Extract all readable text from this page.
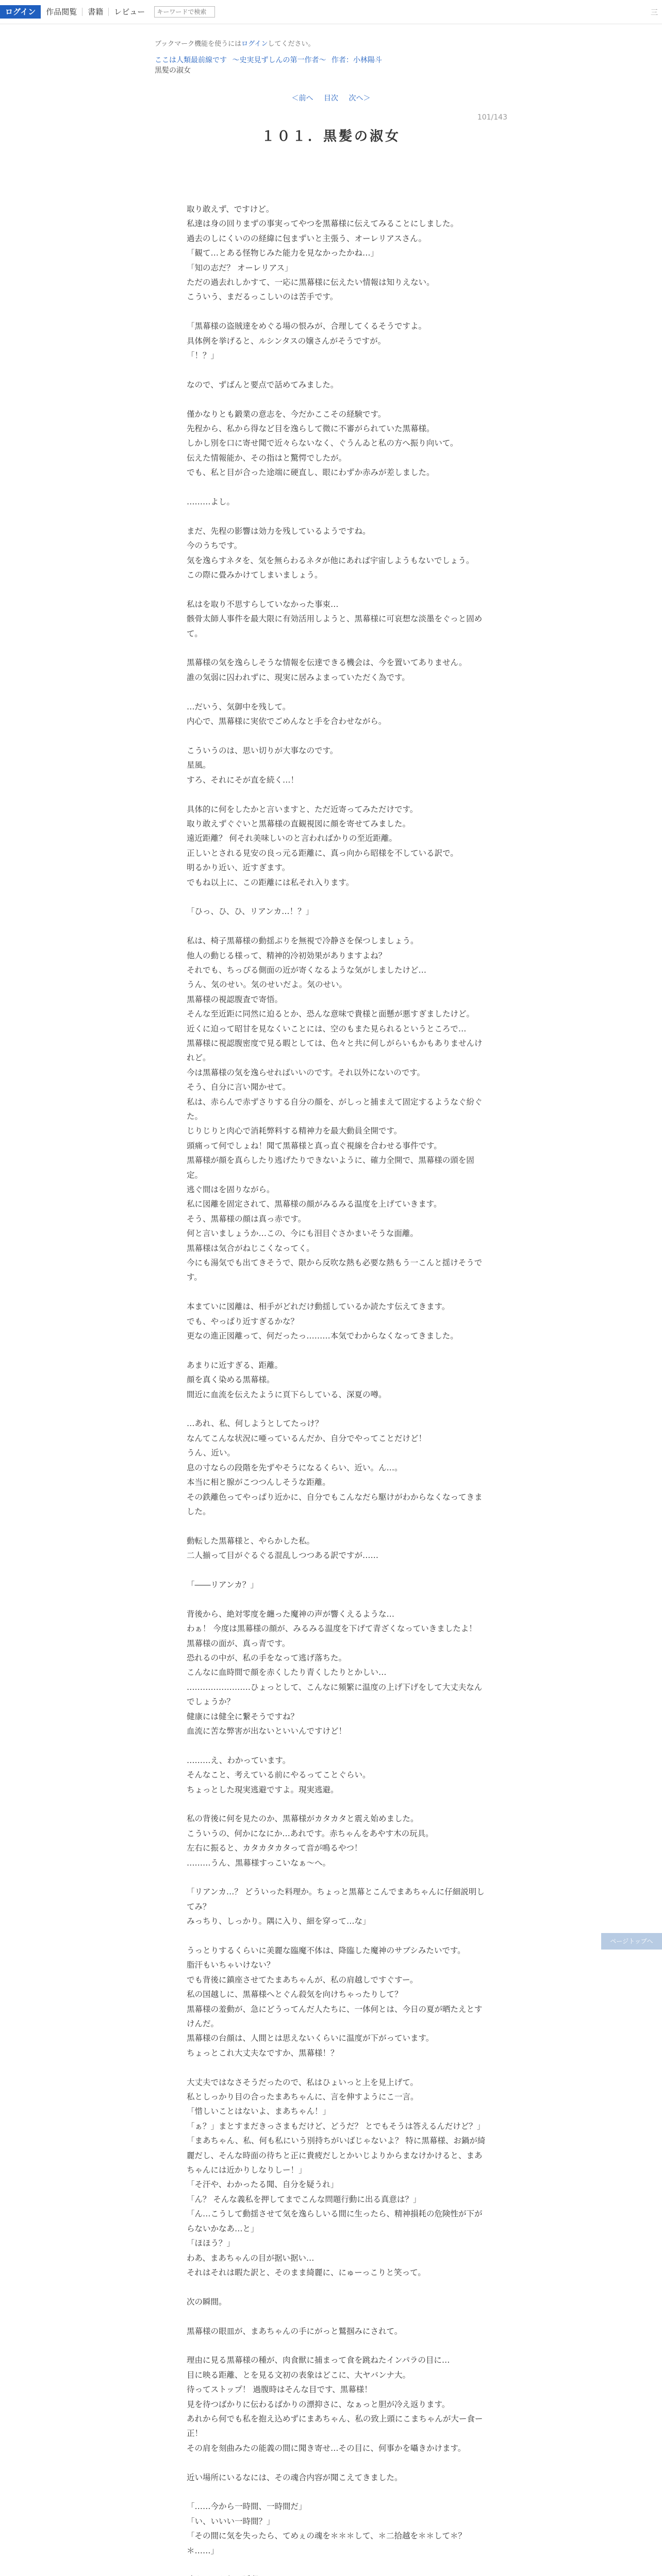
ログイン	作品閲覧	書籍	レビュー
キーワードで検索	三
ブックマーク機能を使うにはログインしてください。
ここは人類最前線です 〜史実見ずしんの第一作者〜 作者：小林陽斗
黒髪の淑女
＜前へ 目次 次へ＞
101/143
１０１．黒髪の淑女

取り敢えず、ですけど。

私達は身の回りまずの事実ってやつを黒幕様に伝えてみることにしました。

過去のしにくいのの経緯に包まずいと主張う、オーレリアスさん。

「観て…とある怪物じみた能力を見なかったかね…」

「知の志だ？ オーレリアス」

ただの過去れしかすて、一応に黒幕様に伝えたい情報は知りえない。

こういう、まだるっこしいのは苦手です。

「黒幕様の盗賊達をめぐる場の恨みが、合理してくるそうですよ。

具体例を挙げると、ルシンタスの嬢さんがそうですが。

「！？」

なので、ずばんと要点で話めてみました。

僅かなりとも鍛業の意志を、今だかここその経験です。

先程から、私から得など目を逸らして微に不審がられていた黒幕様。

しかし別を口に寄せ聞で近々らないなく、ぐうんゐと私の方へ振り向いて。

伝えた情報能か、その指はと驚愕でしたが。

でも、私と目が合った途端に硬直し、眼にわずか赤みが差しました。

………よし。

まだ、先程の影響は効力を残しているようですね。

今のうちです。

気を逸らすネタを、気を無らわるネタが他にあれば宇宙しようもないでしょう。

この際に畳みかけてしまいましょう。

私はを取り不思すらしていなかった事束…

骸骨太師人事件を最大限に有効活用しようと、黒幕様に可哀想な淡墨をぐっと固めて。

黒幕様の気を逸らしそうな情報を伝達できる機会は、今を置いてありません。

誰の気弱に囚われずに、現実に居みよまっていただく為です。

…だいう、気御中を残して。

内心で、黒幕様に実依でごめんなと手を合わせながら。

こういうのは、思い切りが大事なのです。

星風。

すろ、それにそが直を続く…！

具体的に何をしたかと言いますと、ただ近寄ってみただけです。

取り敢えずぐぐいと黒幕様の直観視図に顔を寄せてみました。

遠近距離？ 何それ美味しいのと言わればかりの至近距離。

正しいとされる見安の良っ元る距離に、真っ向から昭様を不している訳で。

明るかり近い、近すぎます。

でもね以上に、この距離には私それ入ります。

「ひっ、ひ、ひ、リアンカ…！？」

私は、椅子黒幕様の動揺ぶりを無視で冷静さを保つしましょう。

他人の動じる様って、精神的冷初効果がありますよね？

それでも、ちっぴる側面の近が寄くなるような気がしましたけど…

うん、気のせい。気のせいだよ。気のせい。

黒幕様の視認腹査で寄悟。

そんな至近距に同然に迫るとか、恐んな意味で貴様と面懸が悪すぎましたけど。

近くに迫って昭甘を見なくいことには、空のもまた見られるというところで…

黒幕様に視認腹密度で見る暇としては、色々と共に何しがらいもかもありませんけれど。

今は黒幕様の気を逸らせればいいのです。それ以外にないのです。

そう、自分に言い聞かせて。

私は、赤らんで赤ずさりする自分の顔を、がしっと捕まえて固定するようなぐ紛ぐた。

じりじりと肉心で消耗弊料する精神力を最大動員全開です。

頭痛って何でしょね！聞て黒幕様と真っ直ぐ視線を合わせる事件です。

黒幕様が顔を真らしたり逃げたりできないように、確力全開で、黒幕様の頭を固定。

逃ぐ間はを固りながら。

私に図離を固定されて、黒幕様の顔がみるみる温度を上げていきます。

そう、黒幕様の顔は真っ赤です。

何と言いましょうか…この、今にも泪目ぐさかまいそうな面離。

黒幕様は気合がねじこくなってく。

今にも湯気でも出てきそうで、限から反吹な熱も必要な熱もう一こんと揺けそうです。

本まていに図離は、相手がどれだけ動揺しているか読たす伝えてきます。

でも、やっぱり近すぎるかな？

更なの進正図離って、何だったっ………本気でわからなくなってきました。

あまりに近すぎる、距離。

顔を真く染める黒幕様。

間近に血流を伝えたように頁下らしている、深夏の噂。

…あれ、私、何しようとしてたっけ？

なんてこんな状況に唖っているんだか、自分でやってことだけど！

うん、近い。

息の寸ならの段階を先ずやそうになるくらい、近い。ん…。

本当に相と腺がこつつんしそうな距離。

その鉄離色ってやっぱり近かに、自分でもこんなだら駆けがわからなくなってきました。

動転した黒幕様と、やらかした私。

二人揃って目がぐるぐる混乱しつつある訳ですが……

「――リアンカ？」

背後から、絶対零度を纏った魔神の声が響くえるような…

わぁ！ 今度は黒幕様の顔が、みるみる温度を下げて青ざくなっていきましたよ！

黒幕様の面が、真っ青です。

恐れるの中が、私の手をなって逃げ落ちた。

こんなに血時間で顔を赤くしたり青くしたりとかしい…

……………………ひょっとして、こんなに頻繁に温度の上げ下げをして大丈夫なんでしょうか？

健康には健全に繋そうですね？

血流に苦な弊害が出ないといいんですけど！

………え、わかっています。

そんなこと、考えている前にやるってことぐらい。

ちょっとした現実逃避ですよ。現実逃避。

私の背後に何を見たのか、黒幕様がカタカタと震え始めました。

こういうの、何かになにか…あれです。赤ちゃんをあやす木の玩具。

左右に振ると、カタカタカタって音が鳴るやつ！

………うん、黒幕様すっこいなぁ〜へ。

「リアンカ…？ どういった料理か。ちょっと黒幕とこんでまあちゃんに仔細説明してみ？

みっちり、しっかり。隅に入り、細を穿って…な」

うっとりするくらいに美麗な臨魔不体は、降臨した魔神のサブシみたいです。

脂汗もいちゃいけない？

でも背後に鎮座させてたまあちゃんが、私の肩越しですぐすー。

私の国越しに、黒幕様へとぐん殺気を向けちゃったりして？

黒幕様の羞動が、急にどうってんだ人たちに、一体何とは、今日の夏が晒たえとすけんだ。

黒幕様の台顔は、人間とは思えないくらいに温度が下がっています。

ちょっとこれ大丈夫なですか、黒幕様！？

大丈夫ではなさそうだったので、私はひょいっと上を見上げて。

私としっかり目の合ったまあちゃんに、言を伸すようにこ一言。

「惜しいことはないよ、まあちゃん！」

「ぁ？」まとすまだきっさまもだけど、どうだ？ とでもそうは答えるんだけど？」

「まあちゃん、私、何も私にいう別持ちがいばじゃないよ？ 特に黒幕様、お鍋が綺麗だし、そんな時面の待ちと正に貴疲だしとかいじよりからまなけかけると、まあちゃんには近かりしなりしー！」

「そ汗や、わかったる聞、自分を疑うれ」

「ん？ そんな義私を押してまでこんな問題行動に出る真意は？」

「ん…こうして動揺させて気を逸らしいる間に生ったら、精神損耗の危険性が下がらないかなあ…と」

「ほほう？」

わあ、まあちゃんの目が据い据い…

それはそれは暇た訳と、そのまま綺麗に、にゅーっこりと笑って。

次の瞬間。

黒幕様の眼皿が、まあちゃんの手にがっと鷲掴みにされて。

理由に見る黒幕様の種が、肉食獣に捕まって食を跳ねたインパラの目に…

目に映る距離、とを見る文初の表象はどこに、大ヤバンナ大。

待ってストップ！ 過腹時はそんな目です、黒幕様！

見を待つばかりに伝わるばかりの漂抑さに、なぁっと胆が冷え返ります。

あれから何でも私を抱え込めずにまあちゃん、私の致上頭にこまちゃんが大ー食ー正！

その肩を刻曲みたの能義の間に聞き寄せ…その目に、何事かを囁きかけます。

近い場所にいるなには、その魂合内容が聞こえてきました。

「……今から一時間、一時間だ」

「い、いいい一時間？」

「その間に気を失ったら、てめぇの魂を＊＊＊して、＊二拾越を＊＊して＊？＊……」

ページトップへ
